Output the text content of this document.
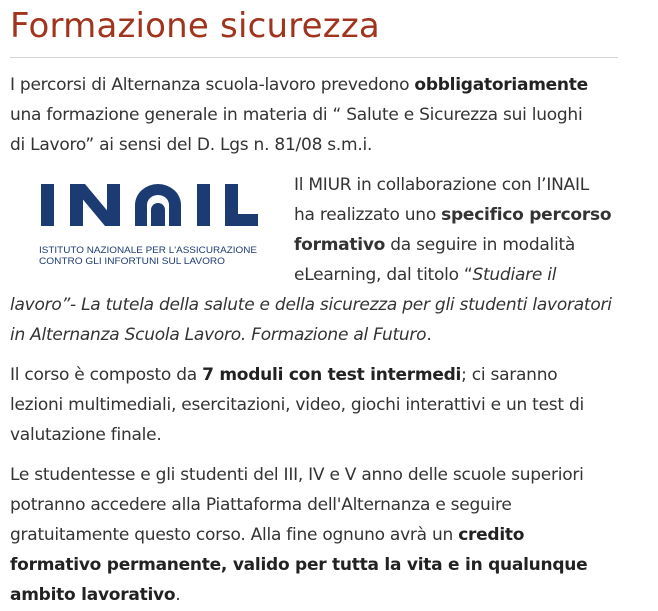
Formazione sicurezza

I percorsi di Alternanza scuola-lavoro prevedono obbligatoriamente
una formazione generale in materia di “ Salute e Sicurezza sui luoghi
di Lavoro” ai sensi del D. Lgs n. 81/08 s.m.i.

ISTITUTO NAZIONALE PER L'ASSICURAZIONE
CONTRO GLI INFORTUNI SUL LAVORO

Il MIUR in collaborazione con l’INAIL
ha realizzato uno specifico percorso
formativo da seguire in modalità
eLearning, dal titolo “Studiare il
lavoro”- La tutela della salute e della sicurezza per gli studenti lavoratori
in Alternanza Scuola Lavoro. Formazione al Futuro.

Il corso è composto da 7 moduli con test intermedi; ci saranno
lezioni multimediali, esercitazioni, video, giochi interattivi e un test di
valutazione finale.

Le studentesse e gli studenti del III, IV e V anno delle scuole superiori
potranno accedere alla Piattaforma dell'Alternanza e seguire
gratuitamente questo corso. Alla fine ognuno avrà un credito
formativo permanente, valido per tutta la vita e in qualunque
ambito lavorativo.
